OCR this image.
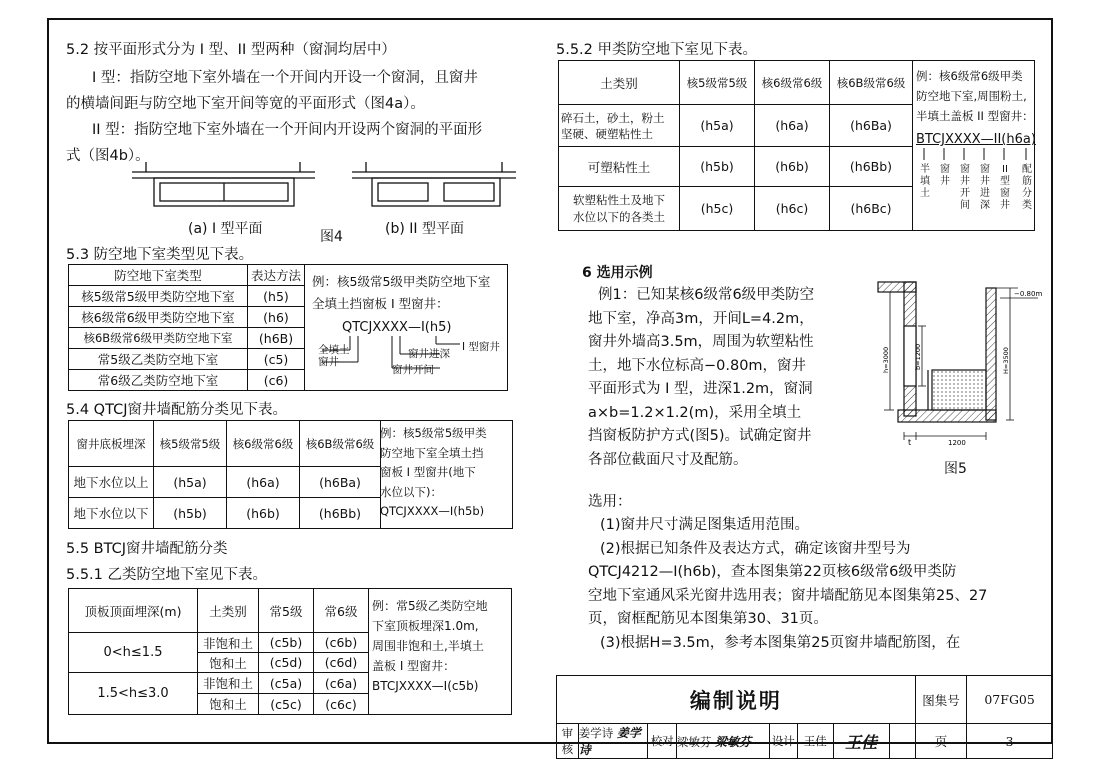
5.2 按平面形式分为 I 型、II 型两种（窗洞均居中）
I 型：指防空地下室外墙在一个开间内开设一个窗洞，且窗井
的横墙间距与防空地下室开间等宽的平面形式（图4a）。
II 型：指防空地下室外墙在一个开间内开设两个窗洞的平面形
式（图4b）。
(a) I 型平面	图4	(b) II 型平面
5.3 防空地下室类型见下表。
防空地下室类型	表达方法	
核5级常5级甲类防空地下室	(h5)	
核6级常6级甲类防空地下室	(h6)	
核6B级常6级甲类防空地下室	(h6B)	
常5级乙类防空地下室	(c5)	
常6级乙类防空地下室	(c6)	
例：核5级常5级甲类防空地下室
全填土挡窗板 I 型窗井：
QTCJXXXX—I(h5)
全填土
窗井
窗井进深
窗井开间
I 型窗井
5.4 QTCJ窗井墙配筋分类见下表。
窗井底板埋深	核5级常5级	核6级常6级	核6B级常6级	
地下水位以上	(h5a)	(h6a)	(h6Ba)	
地下水位以下	(h5b)	(h6b)	(h6Bb)	
例：核5级常5级甲类
防空地下室全填土挡
窗板 I 型窗井(地下
水位以下)：
QTCJXXXX—I(h5b)
5.5 BTCJ窗井墙配筋分类
5.5.1 乙类防空地下室见下表。
顶板顶面埋深(m)	土类别	常5级	常6级	
0<h≤1.5	非饱和土	(c5b)	(c6b)	
	饱和土	(c5d)	(c6d)	
1.5<h≤3.0	非饱和土	(c5a)	(c6a)	
	饱和土	(c5c)	(c6c)	
例：常5级乙类防空地
下室顶板埋深1.0m,
周围非饱和土,半填土
盖板 I 型窗井：
BTCJXXXX—I(c5b)
5.5.2 甲类防空地下室见下表。
土类别	核5级常5级	核6级常6级	核6B级常6级	

碎石土，砂土，粉土
坚硬、硬塑粘性土	(h5a)	(h6a)	(h6Ba)	
可塑粘性土	(h5b)	(h6b)	(h6Bb)	

软塑粘性土及地下
水位以下的各类土	(h5c)	(h6c)	(h6Bc)	
例：核6级常6级甲类
防空地下室,周围粉土,
半填土盖板 II 型窗井：
BTCJXXXX—II(h6a)
半填土
窗井
窗井开间
窗井进深
II型窗井
配筋分类
6 选用示例
例1：已知某核6级常6级甲类防空
地下室，净高3m，开间L=4.2m，
窗井外墙高3.5m，周围为软塑粘性
土，地下水位标高−0.80m，窗井
平面形式为 I 型，进深1.2m，窗洞
a×b=1.2×1.2(m)，采用全填土
挡窗板防护方式(图5)。试确定窗井
各部位截面尺寸及配筋。
−0.80m
h=3000	b=1200	H=3500
t	1200
图5
选用：
(1)窗井尺寸满足图集适用范围。
(2)根据已知条件及表达方式，确定该窗井型号为
QTCJ4212—I(h6b)，查本图集第22页核6级常6级甲类防
空地下室通风采光窗井选用表；窗井墙配筋见本图集第25、27
页，窗框配筋见本图集第30、31页。
(3)根据H=3.5m，参考本图集第25页窗井墙配筋图，在
编制说明								图集号	07FG05
审核	姜学诗 姜学诗	校对	梁敏芬 梁敏芬	设计	王佳	王佳		页	3
